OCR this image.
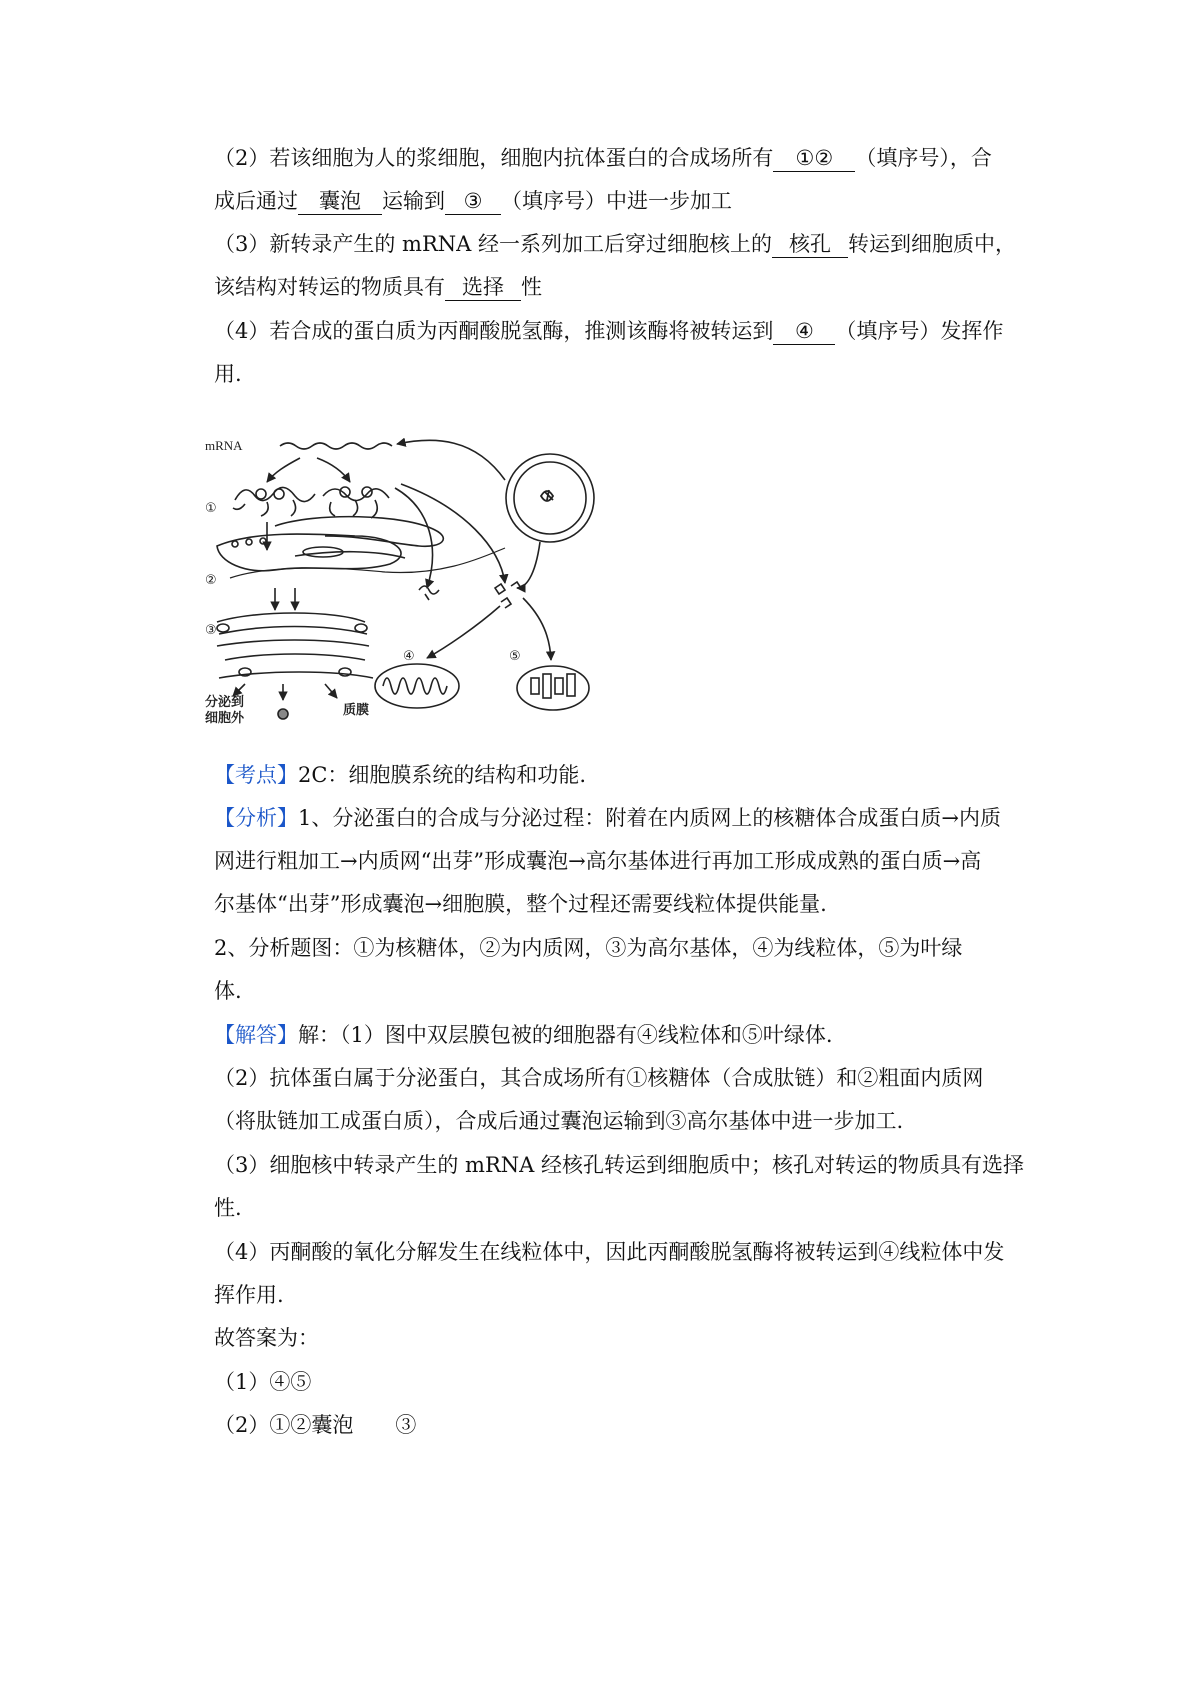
（2）若该细胞为人的浆细胞，细胞内抗体蛋白的合成场所有 ①② （填序号），合
成后通过 囊泡 运输到 ③ （填序号）中进一步加工
（3）新转录产生的 mRNA 经一系列加工后穿过细胞核上的 核孔 转运到细胞质中，
该结构对转运的物质具有 选择 性
（4）若合成的蛋白质为丙酮酸脱氢酶，推测该酶将被转运到 ④ （填序号）发挥作
用.
mRNA
①
②
③
④	⑤
分泌到
细胞外
质膜
【考点】2C：细胞膜系统的结构和功能.
【分析】1、分泌蛋白的合成与分泌过程：附着在内质网上的核糖体合成蛋白质→内质
网进行粗加工→内质网“出芽”形成囊泡→高尔基体进行再加工形成成熟的蛋白质→高
尔基体“出芽”形成囊泡→细胞膜，整个过程还需要线粒体提供能量.
2、分析题图：①为核糖体，②为内质网，③为高尔基体，④为线粒体，⑤为叶绿
体.
【解答】解：（1）图中双层膜包被的细胞器有④线粒体和⑤叶绿体.
（2）抗体蛋白属于分泌蛋白，其合成场所有①核糖体（合成肽链）和②粗面内质网
（将肽链加工成蛋白质），合成后通过囊泡运输到③高尔基体中进一步加工.
（3）细胞核中转录产生的 mRNA 经核孔转运到细胞质中；核孔对转运的物质具有选择
性.
（4）丙酮酸的氧化分解发生在线粒体中，因此丙酮酸脱氢酶将被转运到④线粒体中发
挥作用.
故答案为：
（1）④⑤
（2）①②囊泡　　③
